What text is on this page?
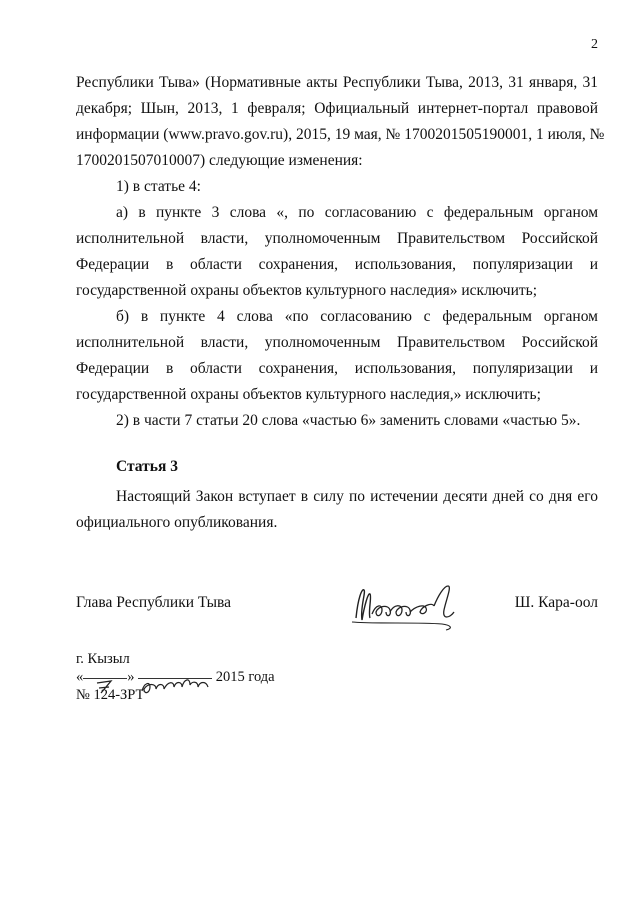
2
Республики Тыва» (Нормативные акты Республики Тыва, 2013, 31 января, 31
декабря; Шын, 2013, 1 февраля; Официальный интернет-портал правовой
информации (www.pravo.gov.ru), 2015, 19 мая, № 1700201505190001, 1 июля, №
1700201507010007) следующие изменения:
1) в статье 4:
а) в пункте 3 слова «, по согласованию с федеральным органом
исполнительной власти, уполномоченным Правительством Российской
Федерации в области сохранения, использования, популяризации и
государственной охраны объектов культурного наследия» исключить;
б) в пункте 4 слова «по согласованию с федеральным органом
исполнительной власти, уполномоченным Правительством Российской
Федерации в области сохранения, использования, популяризации и
государственной охраны объектов культурного наследия,» исключить;
2) в части 7 статьи 20 слова «частью 6» заменить словами «частью 5».
Статья 3
Настоящий Закон вступает в силу по истечении десяти дней со дня его
официального опубликования.
Глава Республики Тыва	Ш. Кара-оол
г. Кызыл
«	»	2015 года
№ 124-ЗРТ
